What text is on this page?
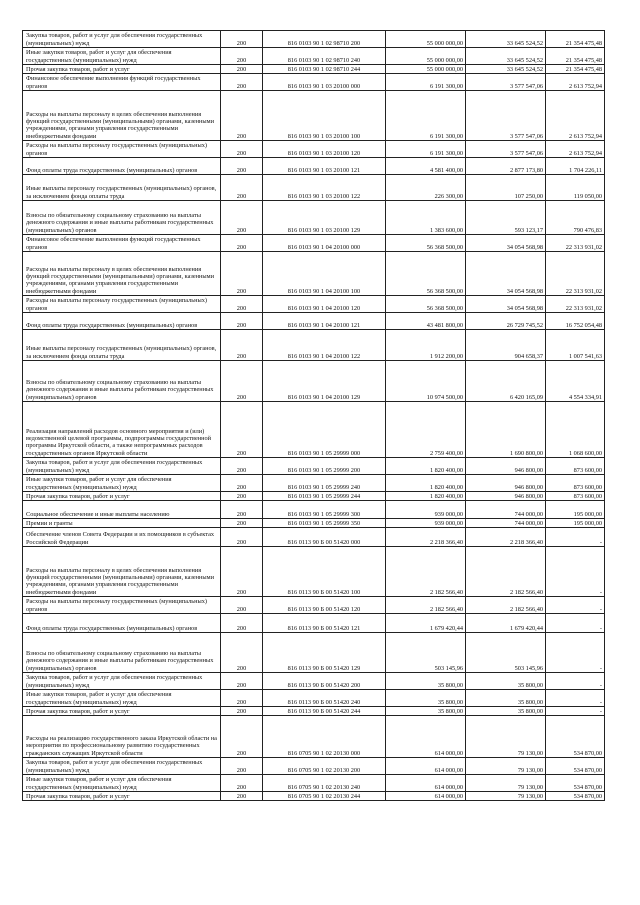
Закупка товаров, работ и услуг для обеспечения государственных (муниципальных) нужд	200	816 0103 90 1 02 98710 200	55 000 000,00	33 645 524,52	21 354 475,48
Иные закупки товаров, работ и услуг для обеспечения государственных (муниципальных) нужд	200	816 0103 90 1 02 98710 240	55 000 000,00	33 645 524,52	21 354 475,48
Прочая закупка товаров, работ и услуг	200	816 0103 90 1 02 98710 244	55 000 000,00	33 645 524,52	21 354 475,48
Финансовое обеспечение выполнения функций государственных органов	200	816 0103 90 1 03 20100 000	6 191 300,00	3 577 547,06	2 613 752,94
Расходы на выплаты персоналу в целях обеспечения выполнения функций государственными (муниципальными) органами, казенными учреждениями, органами управления государственными внебюджетными фондами	200	816 0103 90 1 03 20100 100	6 191 300,00	3 577 547,06	2 613 752,94
Расходы на выплаты персоналу государственных (муниципальных) органов	200	816 0103 90 1 03 20100 120	6 191 300,00	3 577 547,06	2 613 752,94
Фонд оплаты труда государственных (муниципальных) органов	200	816 0103 90 1 03 20100 121	4 581 400,00	2 877 173,80	1 704 226,11
Иные выплаты персоналу государственных (муниципальных) органов, за исключением фонда оплаты труда	200	816 0103 90 1 03 20100 122	226 300,00	107 250,00	119 050,00
Взносы по обязательному социальному страхованию на выплаты денежного содержания и иные выплаты работникам государственных (муниципальных) органов	200	816 0103 90 1 03 20100 129	1 383 600,00	593 123,17	790 476,83
Финансовое обеспечение выполнения функций государственных органов	200	816 0103 90 1 04 20100 000	56 368 500,00	34 054 568,98	22 313 931,02
Расходы на выплаты персоналу в целях обеспечения выполнения функций государственными (муниципальными) органами, казенными учреждениями, органами управления государственными внебюджетными фондами	200	816 0103 90 1 04 20100 100	56 368 500,00	34 054 568,98	22 313 931,02
Расходы на выплаты персоналу государственных (муниципальных) органов	200	816 0103 90 1 04 20100 120	56 368 500,00	34 054 568,98	22 313 931,02
Фонд оплаты труда государственных (муниципальных) органов	200	816 0103 90 1 04 20100 121	43 481 800,00	26 729 745,52	16 752 054,48
Иные выплаты персоналу государственных (муниципальных) органов, за исключением фонда оплаты труда	200	816 0103 90 1 04 20100 122	1 912 200,00	904 658,37	1 007 541,63
Взносы по обязательному социальному страхованию на выплаты денежного содержания и иные выплаты работникам государственных (муниципальных) органов	200	816 0103 90 1 04 20100 129	10 974 500,00	6 420 165,09	4 554 334,91
Реализация направлений расходов основного мероприятия и (или) ведомственной целевой программы, подпрограммы государственной программы Иркутской области, а также непрограммных расходов государственных органов Иркутской области	200	816 0103 90 1 05 29999 000	2 759 400,00	1 690 800,00	1 068 600,00
Закупка товаров, работ и услуг для обеспечения государственных (муниципальных) нужд	200	816 0103 90 1 05 29999 200	1 820 400,00	946 800,00	873 600,00
Иные закупки товаров, работ и услуг для обеспечения государственных (муниципальных) нужд	200	816 0103 90 1 05 29999 240	1 820 400,00	946 800,00	873 600,00
Прочая закупка товаров, работ и услуг	200	816 0103 90 1 05 29999 244	1 820 400,00	946 800,00	873 600,00
Социальное обеспечение и иные выплаты населению	200	816 0103 90 1 05 29999 300	939 000,00	744 000,00	195 000,00
Премии и гранты	200	816 0103 90 1 05 29999 350	939 000,00	744 000,00	195 000,00
Обеспечение членов Совета Федерации и их помощников в субъектах Российской Федерации	200	816 0113 90 Б 00 51420 000	2 218 366,40	2 218 366,40	-
Расходы на выплаты персоналу в целях обеспечения выполнения функций государственными (муниципальными) органами, казенными учреждениями, органами управления государственными внебюджетными фондами	200	816 0113 90 Б 00 51420 100	2 182 566,40	2 182 566,40	-
Расходы на выплаты персоналу государственных (муниципальных) органов	200	816 0113 90 Б 00 51420 120	2 182 566,40	2 182 566,40	-
Фонд оплаты труда государственных (муниципальных) органов	200	816 0113 90 Б 00 51420 121	1 679 420,44	1 679 420,44	-
Взносы по обязательному социальному страхованию на выплаты денежного содержания и иные выплаты работникам государственных (муниципальных) органов	200	816 0113 90 Б 00 51420 129	503 145,96	503 145,96	-
Закупка товаров, работ и услуг для обеспечения государственных (муниципальных) нужд	200	816 0113 90 Б 00 51420 200	35 800,00	35 800,00	-
Иные закупки товаров, работ и услуг для обеспечения государственных (муниципальных) нужд	200	816 0113 90 Б 00 51420 240	35 800,00	35 800,00	-
Прочая закупка товаров, работ и услуг	200	816 0113 90 Б 00 51420 244	35 800,00	35 800,00	-
Расходы на реализацию государственного заказа Иркутской области на мероприятия по профессиональному развитию государственных гражданских служащих Иркутской области	200	816 0705 90 1 02 20130 000	614 000,00	79 130,00	534 870,00
Закупка товаров, работ и услуг для обеспечения государственных (муниципальных) нужд	200	816 0705 90 1 02 20130 200	614 000,00	79 130,00	534 870,00
Иные закупки товаров, работ и услуг для обеспечения государственных (муниципальных) нужд	200	816 0705 90 1 02 20130 240	614 000,00	79 130,00	534 870,00
Прочая закупка товаров, работ и услуг	200	816 0705 90 1 02 20130 244	614 000,00	79 130,00	534 870,00
